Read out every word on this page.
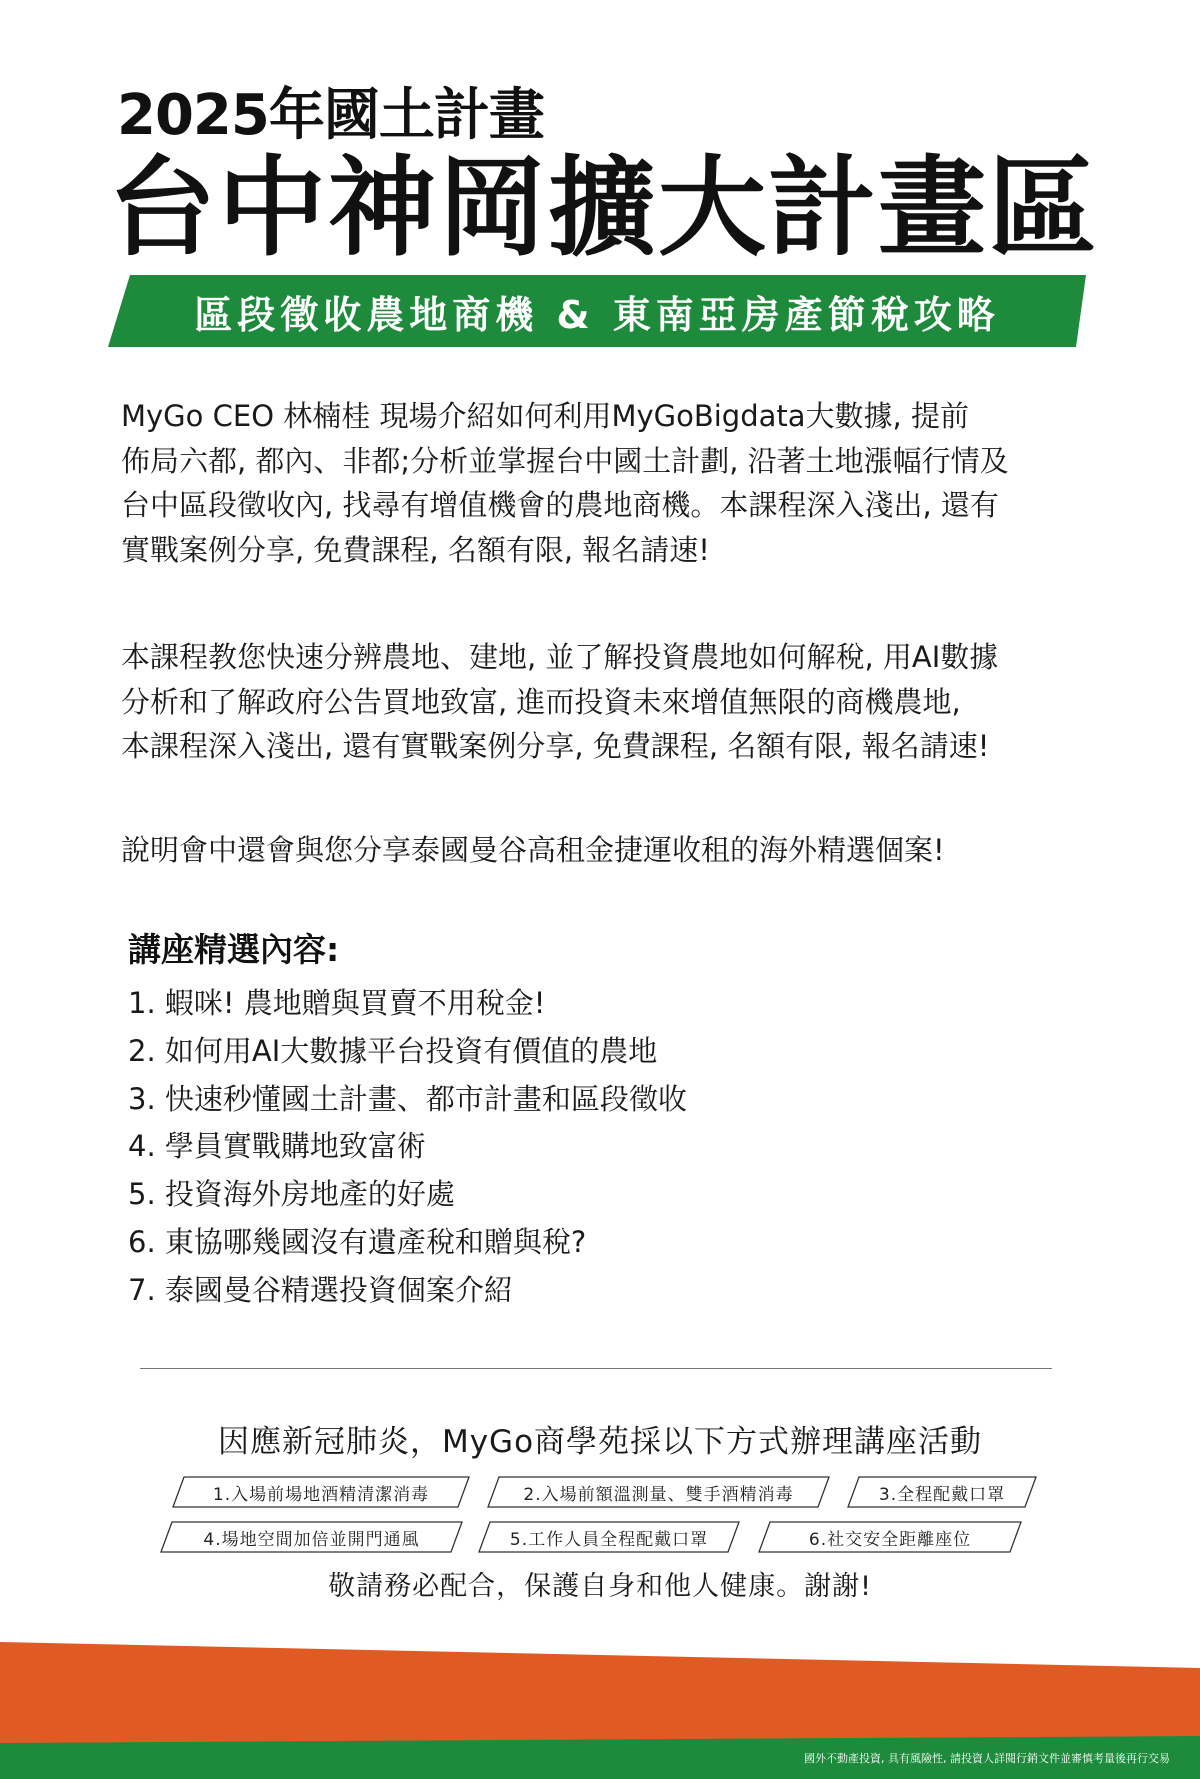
2025年國土計畫
台中神岡擴大計畫區
區段徵收農地商機 & 東南亞房產節稅攻略

MyGo CEO 林楠桂 現場介紹如何利用MyGoBigdata大數據, 提前
佈局六都, 都內、非都;分析並掌握台中國土計劃, 沿著土地漲幅行情及
台中區段徵收內, 找尋有增值機會的農地商機。本課程深入淺出, 還有
實戰案例分享, 免費課程, 名額有限, 報名請速!

本課程教您快速分辨農地、建地, 並了解投資農地如何解稅, 用AI數據
分析和了解政府公告買地致富, 進而投資未來增值無限的商機農地,
本課程深入淺出, 還有實戰案例分享, 免費課程, 名額有限, 報名請速!

說明會中還會與您分享泰國曼谷高租金捷運收租的海外精選個案!

講座精選內容:
1. 蝦咪! 農地贈與買賣不用稅金!
2. 如何用AI大數據平台投資有價值的農地
3. 快速秒懂國土計畫、都市計畫和區段徵收
4. 學員實戰購地致富術
5. 投資海外房地產的好處
6. 東協哪幾國沒有遺產稅和贈與稅?
7. 泰國曼谷精選投資個案介紹
因應新冠肺炎，MyGo商學苑採以下方式辦理講座活動
1.入場前場地酒精清潔消毒	2.入場前額溫測量、雙手酒精消毒	3.全程配戴口罩
4.場地空間加倍並開門通風	5.工作人員全程配戴口罩	6.社交安全距離座位
敬請務必配合，保護自身和他人健康。謝謝!
國外不動產投資, 具有風險性, 請投資人詳閱行銷文件並審慎考量後再行交易
